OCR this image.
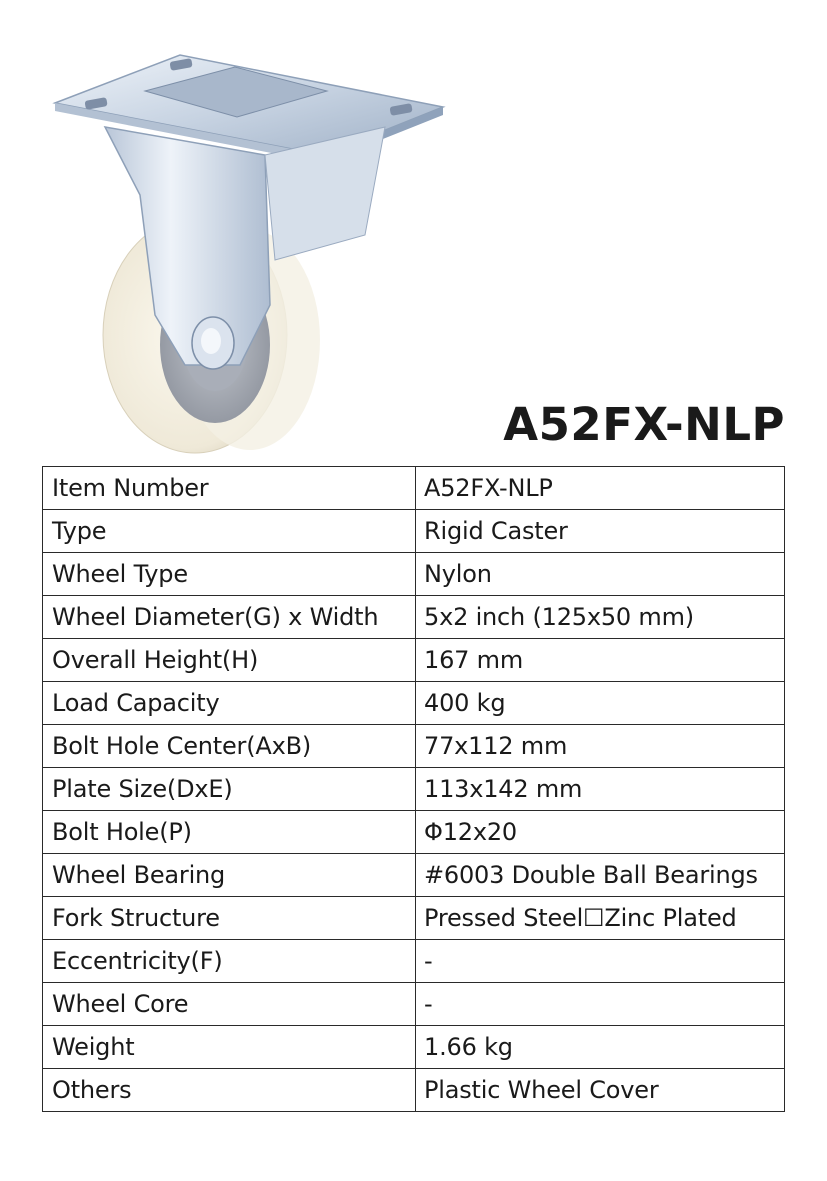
A52FX-NLP
Item Number	A52FX-NLP
Type	Rigid Caster
Wheel Type	Nylon
Wheel Diameter(G) x Width	5x2 inch (125x50 mm)
Overall Height(H)	167 mm
Load Capacity	400 kg
Bolt Hole Center(AxB)	77x112 mm
Plate Size(DxE)	113x142 mm
Bolt Hole(P)	Φ12x20
Wheel Bearing	#6003 Double Ball Bearings
Fork Structure	Pressed Steel☐Zinc Plated
Eccentricity(F)	-
Wheel Core	-
Weight	1.66 kg
Others	Plastic Wheel Cover
